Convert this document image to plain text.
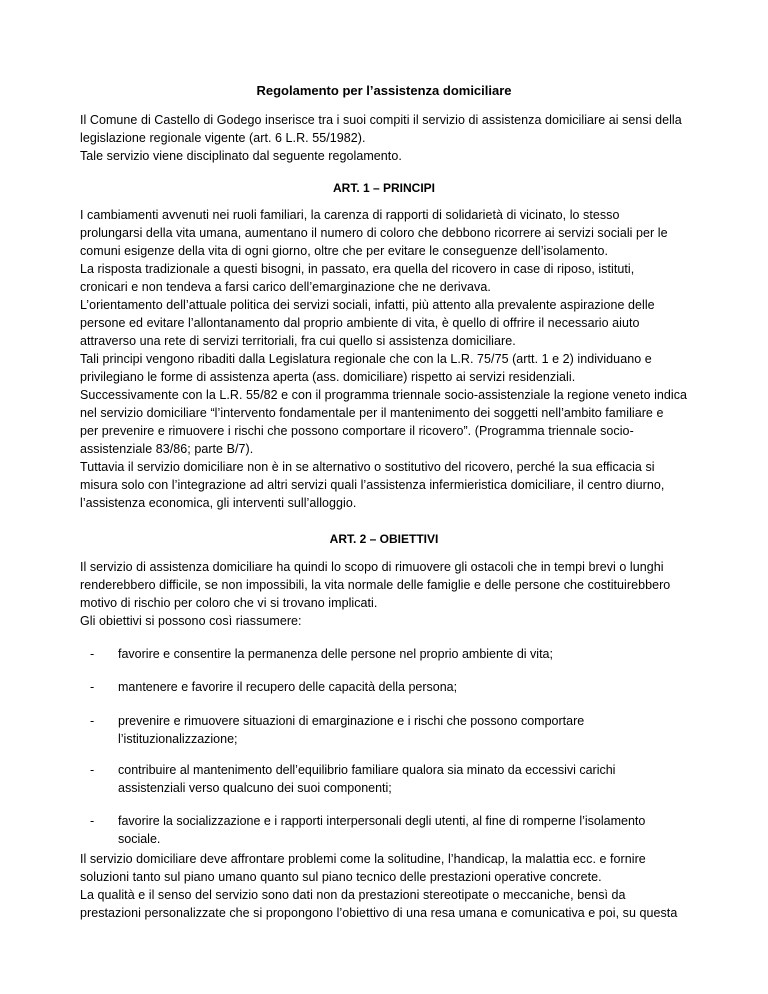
Regolamento per l’assistenza domiciliare

Il Comune di Castello di Godego inserisce tra i suoi compiti il servizio di assistenza domiciliare ai sensi della

legislazione regionale vigente (art. 6 L.R. 55/1982).

Tale servizio viene disciplinato dal seguente regolamento.

ART. 1 – PRINCIPI

I cambiamenti avvenuti nei ruoli familiari, la carenza di rapporti di solidarietà di vicinato, lo stesso

prolungarsi della vita umana, aumentano il numero di coloro che debbono ricorrere ai servizi sociali per le

comuni esigenze della vita di ogni giorno, oltre che per evitare le conseguenze dell’isolamento.

La risposta tradizionale a questi bisogni, in passato, era quella del ricovero in case di riposo, istituti,

cronicari e non tendeva a farsi carico dell’emarginazione che ne derivava.

L’orientamento dell’attuale politica dei servizi sociali, infatti, più attento alla prevalente aspirazione delle

persone ed evitare l’allontanamento dal proprio ambiente di vita, è quello di offrire il necessario aiuto

attraverso una rete di servizi territoriali, fra cui quello si assistenza domiciliare.

Tali principi vengono ribaditi dalla Legislatura regionale che con la L.R. 75/75 (artt. 1 e 2) individuano e

privilegiano le forme di assistenza aperta (ass. domiciliare) rispetto ai servizi residenziali.

Successivamente con la L.R. 55/82 e con il programma triennale socio-assistenziale la regione veneto indica

nel servizio domiciliare “l’intervento fondamentale per il mantenimento dei soggetti nell’ambito familiare e

per prevenire e rimuovere i rischi che possono comportare il ricovero”. (Programma triennale socio-

assistenziale 83/86; parte B/7).

Tuttavia il servizio domiciliare non è in se alternativo o sostitutivo del ricovero, perché la sua efficacia si

misura solo con l’integrazione ad altri servizi quali l’assistenza infermieristica domiciliare, il centro diurno,

l’assistenza economica, gli interventi sull’alloggio.

ART. 2 – OBIETTIVI

Il servizio di assistenza domiciliare ha quindi lo scopo di rimuovere gli ostacoli che in tempi brevi o lunghi

renderebbero difficile, se non impossibili, la vita normale delle famiglie e delle persone che costituirebbero

motivo di rischio per coloro che vi si trovano implicati.

Gli obiettivi si possono così riassumere:

- favorire e consentire la permanenza delle persone nel proprio ambiente di vita;
- mantenere e favorire il recupero delle capacità della persona;
- prevenire e rimuovere situazioni di emarginazione e i rischi che possono comportare
l’istituzionalizzazione;
- contribuire al mantenimento dell’equilibrio familiare qualora sia minato da eccessivi carichi
assistenziali verso qualcuno dei suoi componenti;
- favorire la socializzazione e i rapporti interpersonali degli utenti, al fine di romperne l’isolamento
sociale.

Il servizio domiciliare deve affrontare problemi come la solitudine, l’handicap, la malattia ecc. e fornire

soluzioni tanto sul piano umano quanto sul piano tecnico delle prestazioni operative concrete.

La qualità e il senso del servizio sono dati non da prestazioni stereotipate o meccaniche, bensì da

prestazioni personalizzate che si propongono l’obiettivo di una resa umana e comunicativa e poi, su questa
